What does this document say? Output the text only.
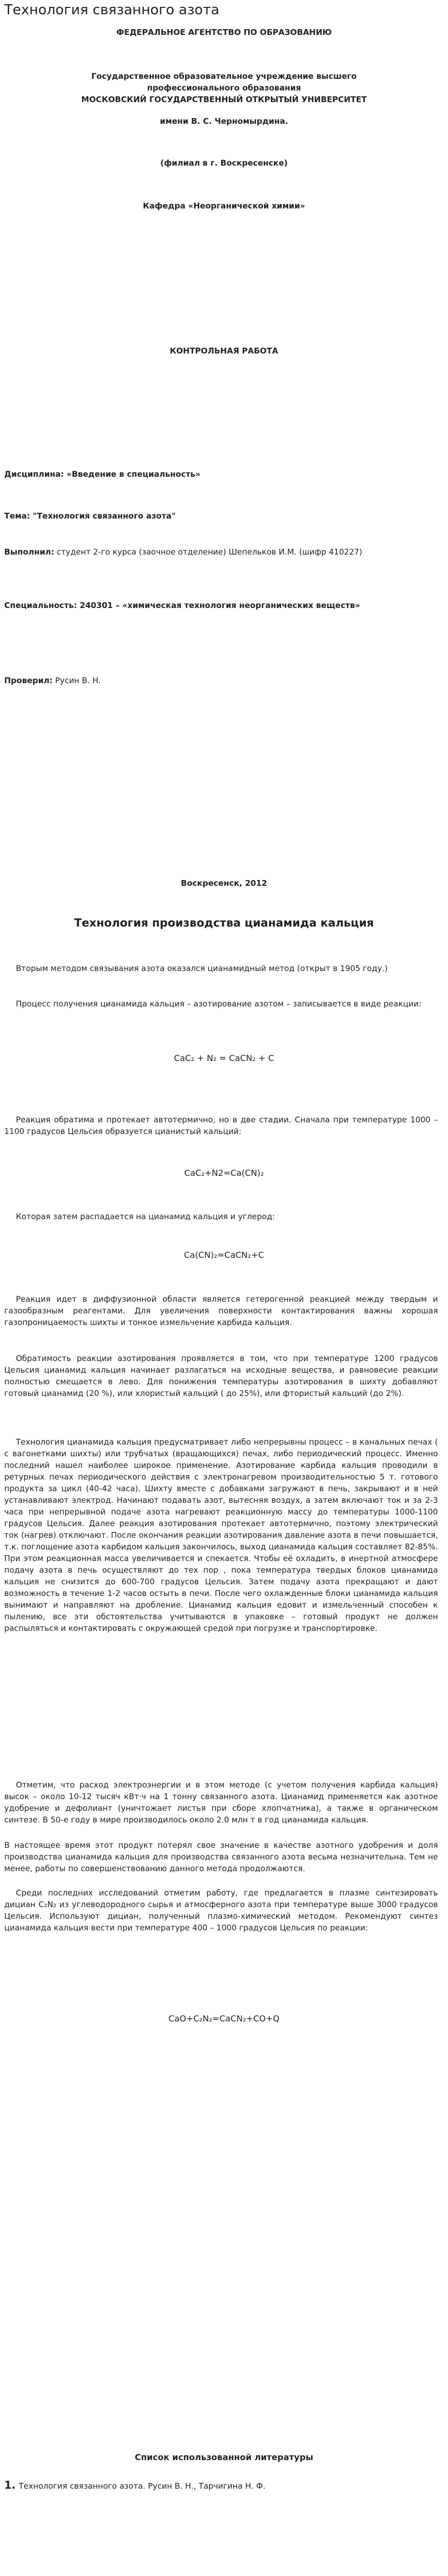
Технология связанного азота
ФЕДЕРАЛЬНОЕ АГЕНТСТВО ПО ОБРАЗОВАНИЮ
Государственное образовательное учреждение высшего
профессионального образования
МОСКОВСКИЙ ГОСУДАРСТВЕННЫЙ ОТКРЫТЫЙ УНИВЕРСИТЕТ
имени В. С. Черномырдина.
(филиал в г. Воскресенске)
Кафедра «Неорганической химии»
КОНТРОЛЬНАЯ РАБОТА
Дисциплина: «Введение в специальность»
Тема: "Технология связанного азота"
Выполнил: студент 2-го курса (заочное отделение) Шепельков И.М. (шифр 410227)
Специальность: 240301 – «химическая технология неорганических веществ»
Проверил: Русин В. Н.
Воскресенск, 2012
Технология производства цианамида кальция
Вторым методом связывания азота оказался цианамидный метод (открыт в 1905 году.)
Процесс получения цианамида кальция – азотирование азотом – записывается в виде реакции:
CaC₂ + N₂ = CaCN₂ + C
Реакция обратима и протекает автотермично, но в две стадии. Сначала при температуре 1000 – 1100 градусов Цельсия образуется цианистый кальций:
CaC₂+N2=Ca(CN)₂
Которая затем распадается на цианамид кальция и углерод:
Ca(CN)₂=CaCN₂+C
Реакция идет в диффузионной области является гетерогенной реакцией между твердым и газообразным реагентами. Для увеличения поверхности контактирования важны хорошая газопроницаемость шихты и тонкое измельчение карбида кальция.
Обратимость реакции азотирования проявляется в том, что при температуре 1200 градусов Цельсия цианамид кальция начинает разлагаться на исходные вещества, и равновесие реакции полностью смещается в лево. Для понижения температуры азотирования в шихту добавляют готовый цианамид (20 %), или хлористый кальций ( до 25%), или фтористый кальций (до 2%).
Технология цианамида кальция предусматривает либо непрерывны процесс – в канальных печах ( с вагонетками шихты) или трубчатых (вращающихся) печах, либо периодический процесс. Именно последний нашел наиболее широкое применение. Азотирование карбида кальция проводили в ретурных печах периодического действия с электронагревом производительностью 5 т. готового продукта за цикл (40-42 часа). Шихту вместе с добавками загружают в печь, закрывают и в ней устанавливают электрод. Начинают подавать азот, вытесняя воздух, а затем включают ток и за 2-3 часа при непрерывной подаче азота нагревают реакционную массу до температуры 1000-1100 градусов Цельсия. Далее реакция азотирования протекает автотермично, поэтому электрический ток (нагрев) отключают. После окончания реакции азотирования давление азота в печи повышается, т.к. поглощение азота карбидом кальция закончилось, выход цианамида кальция составляет 82-85%. При этом реакционная масса увеличивается и спекается. Чтобы её охладить, в инертной атмосфере подачу азота в печь осуществляют до тех пор , пока температура твердых блоков цианамида кальция не снизится до 600-700 градусов Цельсия. Затем подачу азота прекращают и дают возможность в течение 1-2 часов остыть в печи. После чего охлажденные блоки цианамида кальция вынимают и направляют на дробление. Цианамид кальция едовит и измельченный способен к пылению, все эти обстоятельства учитываются в упаковке – готовый продукт не должен распыляться и контактировать с окружающей средой при погрузке и транспортировке.
Отметим, что расход электроэнергии и в этом методе (с учетом получения карбида кальция) высок – около 10-12 тысяч кВт·ч на 1 тонну связанного азота. Цианамид применяется как азотное удобрение и дефолиант (уничтожает листья при сборе хлопчатника), а также в органическом синтезе. В 50-е году в мире производилось около 2.0 млн т в год цианамида кальция.
В настоящее время этот продукт потерял свое значение в качестве азотного удобрения и доля производства цианамида кальция для производства связанного азота весьма незначительна. Тем не менее, работы по совершенствованию данного метода продолжаются.
Среди последних исследований отметим работу, где предлагается в плазме синтезировать дициан C₂N₂ из углеводородного сырья и атмосферного азота при температуре выше 3000 градусов Цельсия. Используют дициан, полученный плазмо-химический методом. Рекомендуют синтез цианамида кальция вести при температуре 400 – 1000 градусов Цельсия по реакции:
CaO+C₂N₂=CaCN₂+CO+Q
Список использованной литературы
1. Технология связанного азота. Русин В. Н., Тарчигина Н. Ф.
